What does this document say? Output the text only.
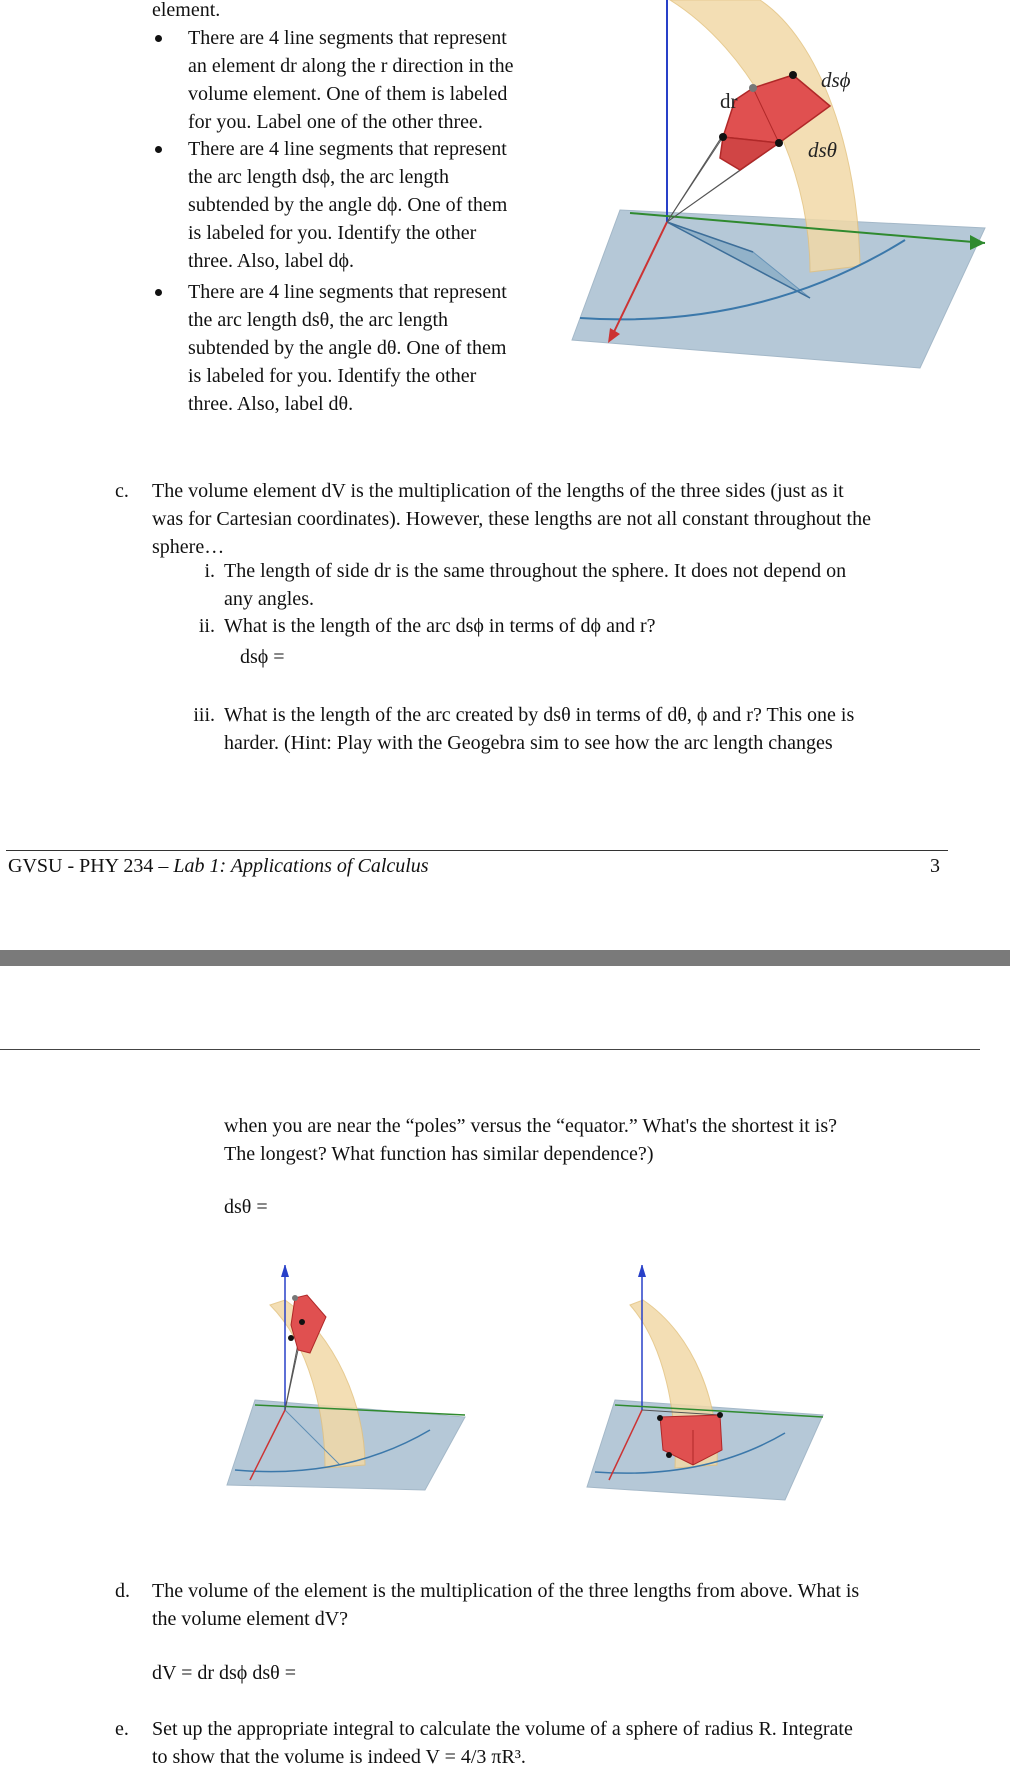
element.
There are 4 line segments that represent
an element dr along the r direction in the
volume element. One of them is labeled
for you. Label one of the other three.
There are 4 line segments that represent
the arc length dsϕ, the arc length
subtended by the angle dϕ. One of them
is labeled for you. Identify the other
three. Also, label dϕ.
There are 4 line segments that represent
the arc length dsθ, the arc length
subtended by the angle dθ. One of them
is labeled for you. Identify the other
three. Also, label dθ.
dr
dsϕ
dsθ
c. The volume element dV is the multiplication of the lengths of the three sides (just as it
was for Cartesian coordinates). However, these lengths are not all constant throughout the
sphere…
i. The length of side dr is the same throughout the sphere. It does not depend on
any angles.
ii. What is the length of the arc dsϕ in terms of dϕ and r?
dsϕ =
iii. What is the length of the arc created by dsθ in terms of dθ, ϕ and r? This one is
harder. (Hint: Play with the Geogebra sim to see how the arc length changes
GVSU - PHY 234 – Lab 1: Applications of Calculus	3
when you are near the “poles” versus the “equator.” What's the shortest it is?
The longest? What function has similar dependence?)
dsθ =
d. The volume of the element is the multiplication of the three lengths from above. What is
the volume element dV?
dV = dr dsϕ dsθ =
e. Set up the appropriate integral to calculate the volume of a sphere of radius R. Integrate
to show that the volume is indeed V = 4/3 πR³.
